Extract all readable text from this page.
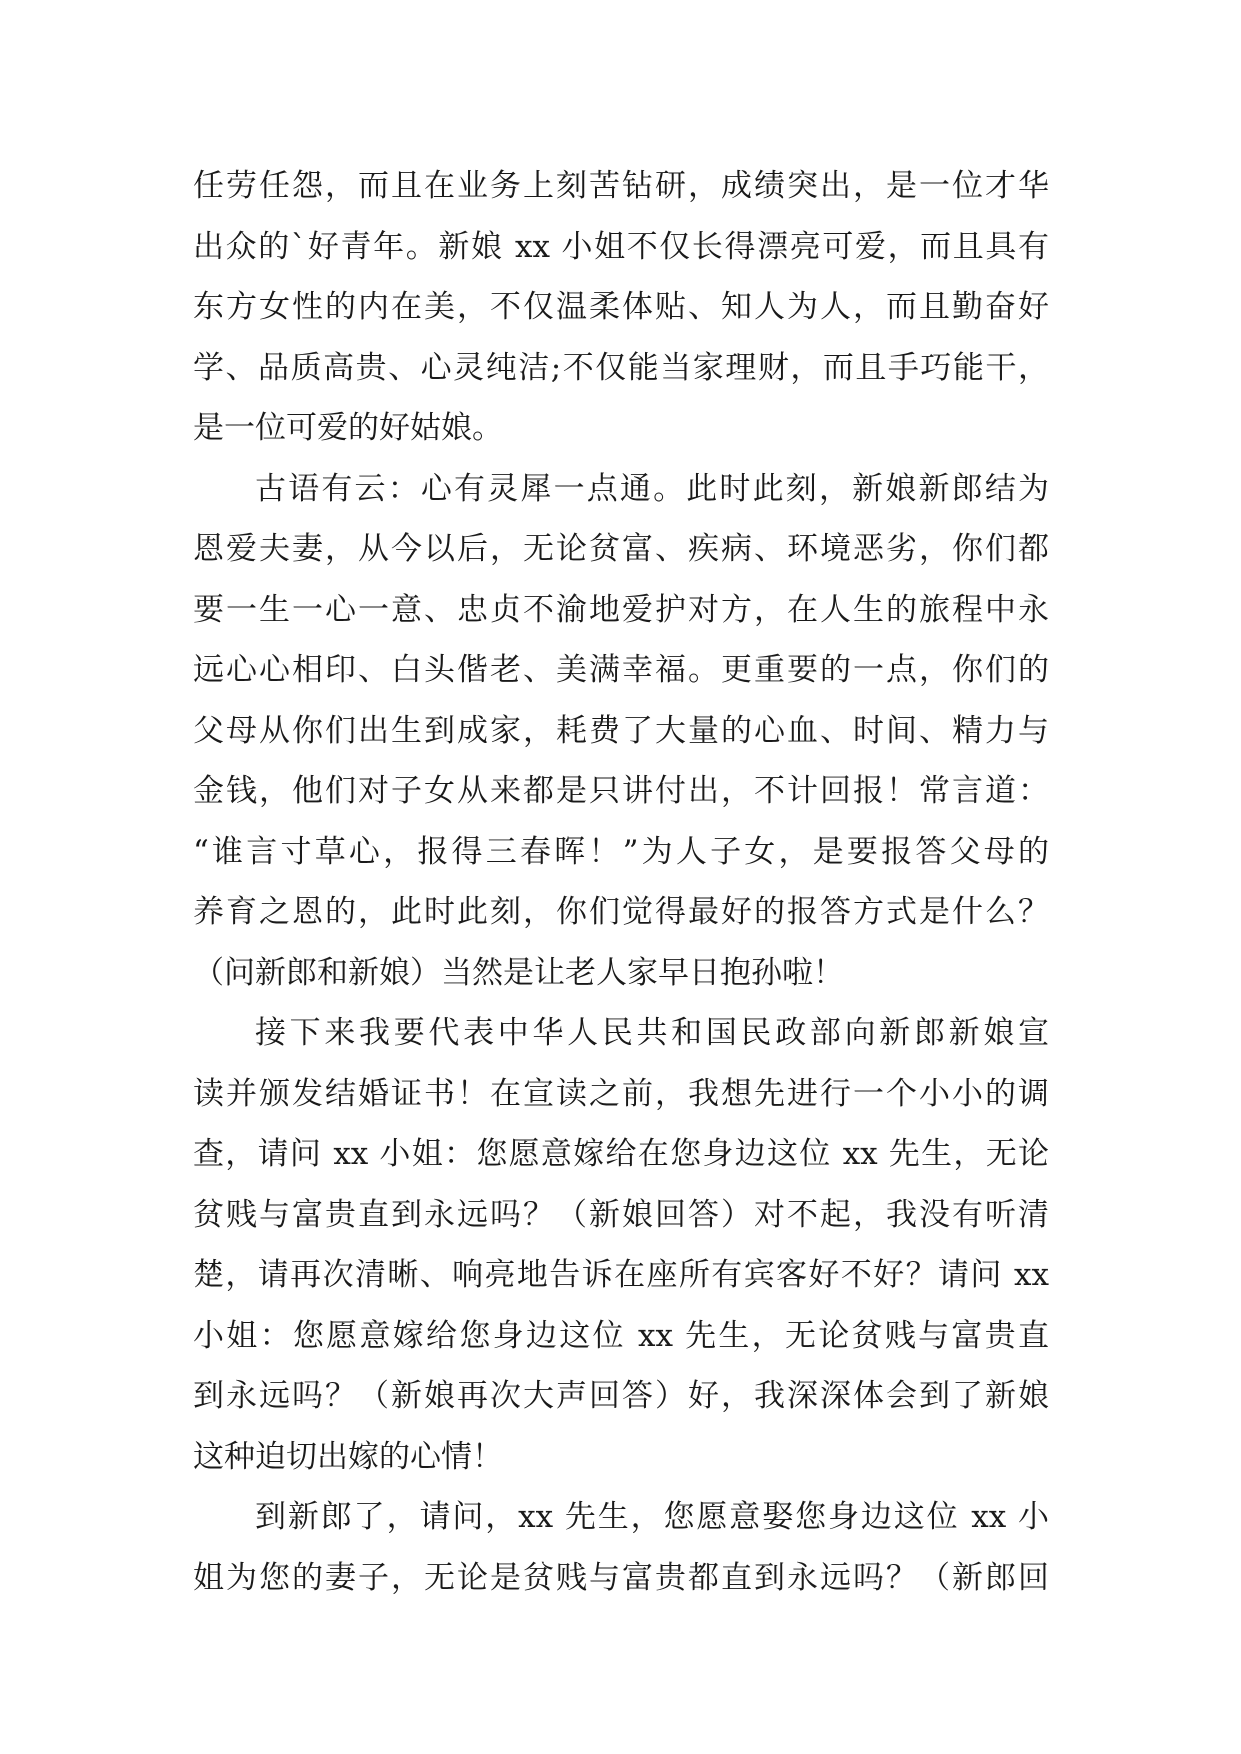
任劳任怨，而且在业务上刻苦钻研，成绩突出，是一位才华
出众的`好青年。新娘 xx 小姐不仅长得漂亮可爱，而且具有
东方女性的内在美，不仅温柔体贴、知人为人，而且勤奋好
学、品质高贵、心灵纯洁;不仅能当家理财，而且手巧能干，
是一位可爱的好姑娘。
古语有云：心有灵犀一点通。此时此刻，新娘新郎结为
恩爱夫妻，从今以后，无论贫富、疾病、环境恶劣，你们都
要一生一心一意、忠贞不渝地爱护对方，在人生的旅程中永
远心心相印、白头偕老、美满幸福。更重要的一点，你们的
父母从你们出生到成家，耗费了大量的心血、时间、精力与
金钱，他们对子女从来都是只讲付出，不计回报！常言道：
“谁言寸草心，报得三春晖！”为人子女，是要报答父母的
养育之恩的，此时此刻，你们觉得最好的报答方式是什么？
（问新郎和新娘）当然是让老人家早日抱孙啦！
接下来我要代表中华人民共和国民政部向新郎新娘宣
读并颁发结婚证书！在宣读之前，我想先进行一个小小的调
查，请问 xx 小姐：您愿意嫁给在您身边这位 xx 先生，无论
贫贱与富贵直到永远吗？（新娘回答）对不起，我没有听清
楚，请再次清晰、响亮地告诉在座所有宾客好不好？请问 xx
小姐：您愿意嫁给您身边这位 xx 先生，无论贫贱与富贵直
到永远吗？（新娘再次大声回答）好，我深深体会到了新娘
这种迫切出嫁的心情！
到新郎了，请问，xx 先生，您愿意娶您身边这位 xx 小
姐为您的妻子，无论是贫贱与富贵都直到永远吗？（新郎回
